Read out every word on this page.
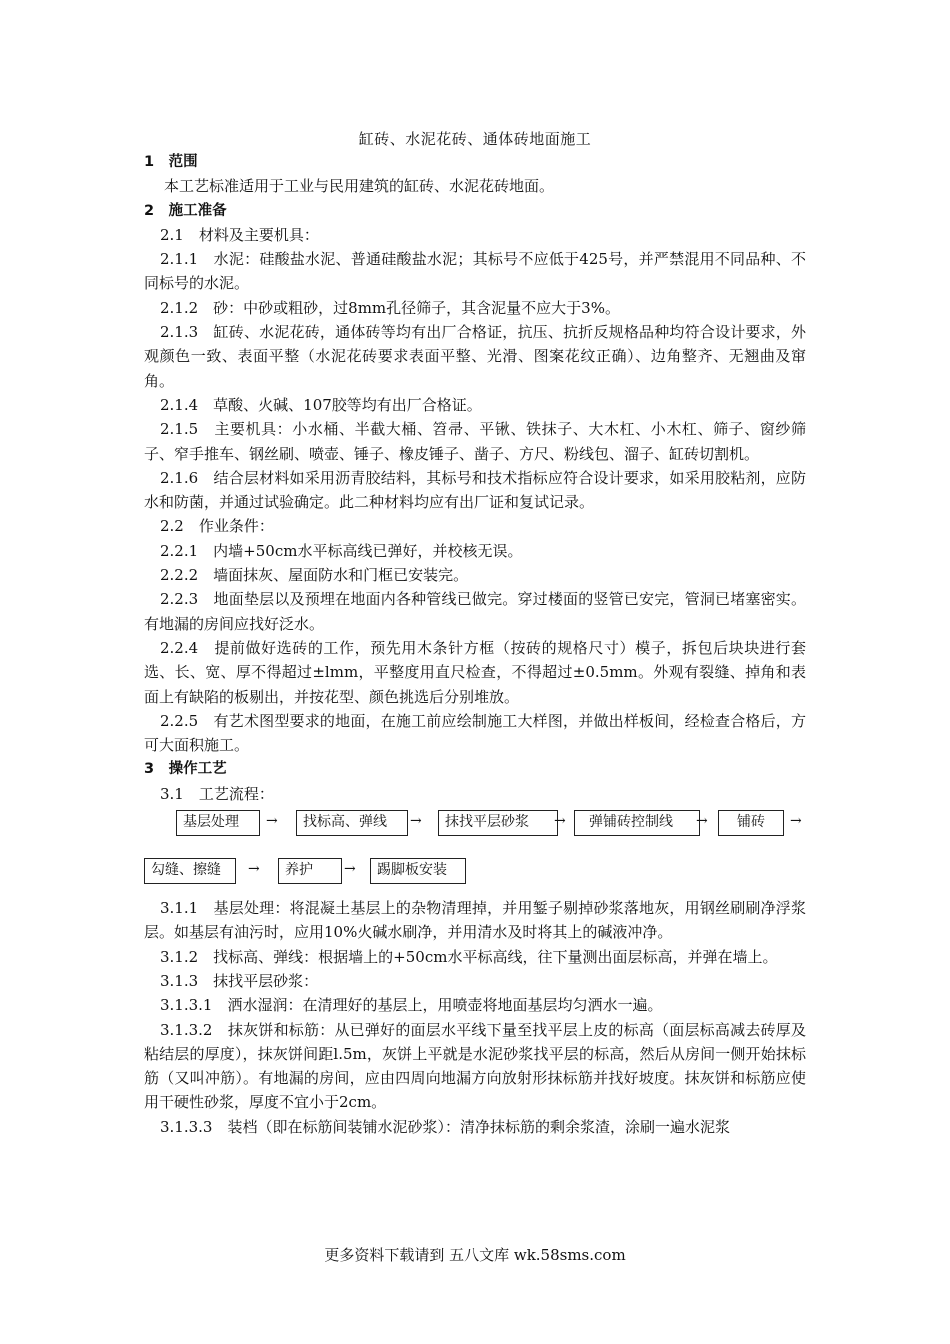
缸砖、水泥花砖、通体砖地面施工

1　范围

本工艺标准适用于工业与民用建筑的缸砖、水泥花砖地面。

2　施工准备

2.1　材料及主要机具：

2.1.1　水泥：硅酸盐水泥、普通硅酸盐水泥；其标号不应低于425号，并严禁混用不同品种、不同标号的水泥。

2.1.2　砂：中砂或粗砂，过8mm孔径筛子，其含泥量不应大于3%。

2.1.3　缸砖、水泥花砖，通体砖等均有出厂合格证，抗压、抗折反规格品种均符合设计要求，外观颜色一致、表面平整（水泥花砖要求表面平整、光滑、图案花纹正确）、边角整齐、无翘曲及窜角。

2.1.4　草酸、火碱、107胶等均有出厂合格证。

2.1.5　主要机具：小水桶、半截大桶、笤帚、平锹、铁抹子、大木杠、小木杠、筛子、窗纱筛子、窄手推车、钢丝刷、喷壶、锤子、橡皮锤子、凿子、方尺、粉线包、溜子、缸砖切割机。

2.1.6　结合层材料如采用沥青胶结料，其标号和技术指标应符合设计要求，如采用胶粘剂，应防水和防菌，并通过试验确定。此二种材料均应有出厂证和复试记录。

2.2　作业条件：

2.2.1　内墙+50cm水平标高线已弹好，并校核无误。

2.2.2　墙面抹灰、屋面防水和门框已安装完。

2.2.3　地面垫层以及预埋在地面内各种管线已做完。穿过楼面的竖管已安完，管洞已堵塞密实。有地漏的房间应找好泛水。

2.2.4　提前做好选砖的工作，预先用木条针方框（按砖的规格尺寸）模子，拆包后块块进行套选、长、宽、厚不得超过±lmm，平整度用直尺检查，不得超过±0.5mm。外观有裂缝、掉角和表面上有缺陷的板剔出，并按花型、颜色挑选后分别堆放。

2.2.5　有艺术图型要求的地面，在施工前应绘制施工大样图，并做出样板间，经检查合格后，方可大面积施工。

3　操作工艺

3.1　工艺流程：

基层处理	→	找标高、弹线	→	抹找平层砂浆	→	弹铺砖控制线	→	铺砖	→
勾缝、擦缝	→	养护	→	踢脚板安装

3.1.1　基层处理：将混凝土基层上的杂物清理掉，并用錾子剔掉砂浆落地灰，用钢丝刷刷净浮浆层。如基层有油污时，应用10%火碱水刷净，并用清水及时将其上的碱液冲净。

3.1.2　找标高、弹线：根据墙上的+50cm水平标高线，往下量测出面层标高，并弹在墙上。

3.1.3　抹找平层砂浆：

3.1.3.1　洒水湿润：在清理好的基层上，用喷壶将地面基层均匀洒水一遍。

3.1.3.2　抹灰饼和标筋：从已弹好的面层水平线下量至找平层上皮的标高（面层标高减去砖厚及粘结层的厚度），抹灰饼间距l.5m，灰饼上平就是水泥砂浆找平层的标高，然后从房间一侧开始抹标筋（又叫冲筋）。有地漏的房间，应由四周向地漏方向放射形抹标筋并找好坡度。抹灰饼和标筋应使用干硬性砂浆，厚度不宜小于2cm。

3.1.3.3　装档（即在标筋间装铺水泥砂浆）：清净抹标筋的剩余浆渣，涂刷一遍水泥浆

更多资料下载请到 五八文库 wk.58sms.com
